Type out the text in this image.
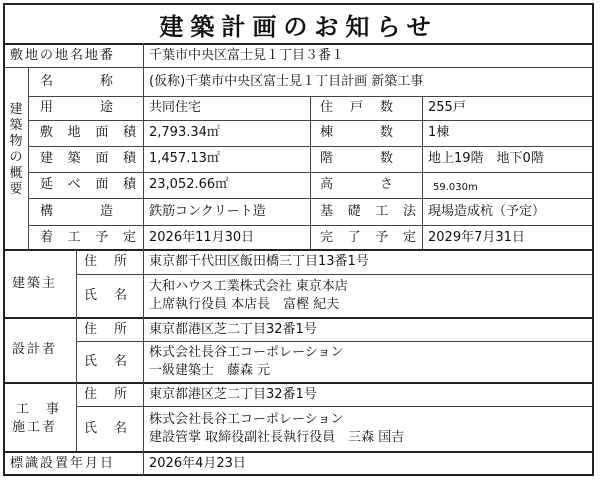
建築計画のお知らせ
敷地の地名地番	千葉市中央区富士見１丁目３番１
建
築
物
の
概
要
名　　　称	(仮称)千葉市中央区富士見１丁目計画 新築工事
用　　　途	共同住宅	住　戸　数	255戸
敷 地 面 積 2,793.34㎡	棟　　　数	1棟
建 築 面 積 1,457.13㎡	階　　　数	地上19階　地下0階
延 べ 面 積 23,052.66㎡	高　　　さ	59.030m
構　　　造	鉄筋コンクリート造	基 礎 工 法 現場造成杭（予定）
着 工 予 定 2026年11月30日	完 了 予 定 2029年7月31日
建築主
住　所 東京都千代田区飯田橋三丁目13番1号
氏　名
大和ハウス工業株式会社 東京本店
上席執行役員 本店長　富樫 紀夫
設計者
住　所 東京都港区芝二丁目32番1号
氏　名
株式会社長谷工コーポレーション
一級建築士　藤森 元
工　事
施工者
住　所 東京都港区芝二丁目32番1号
氏　名
株式会社長谷工コーポレーション
建設管掌 取締役副社長執行役員　三森 国吉
標識設置年月日	2026年4月23日
